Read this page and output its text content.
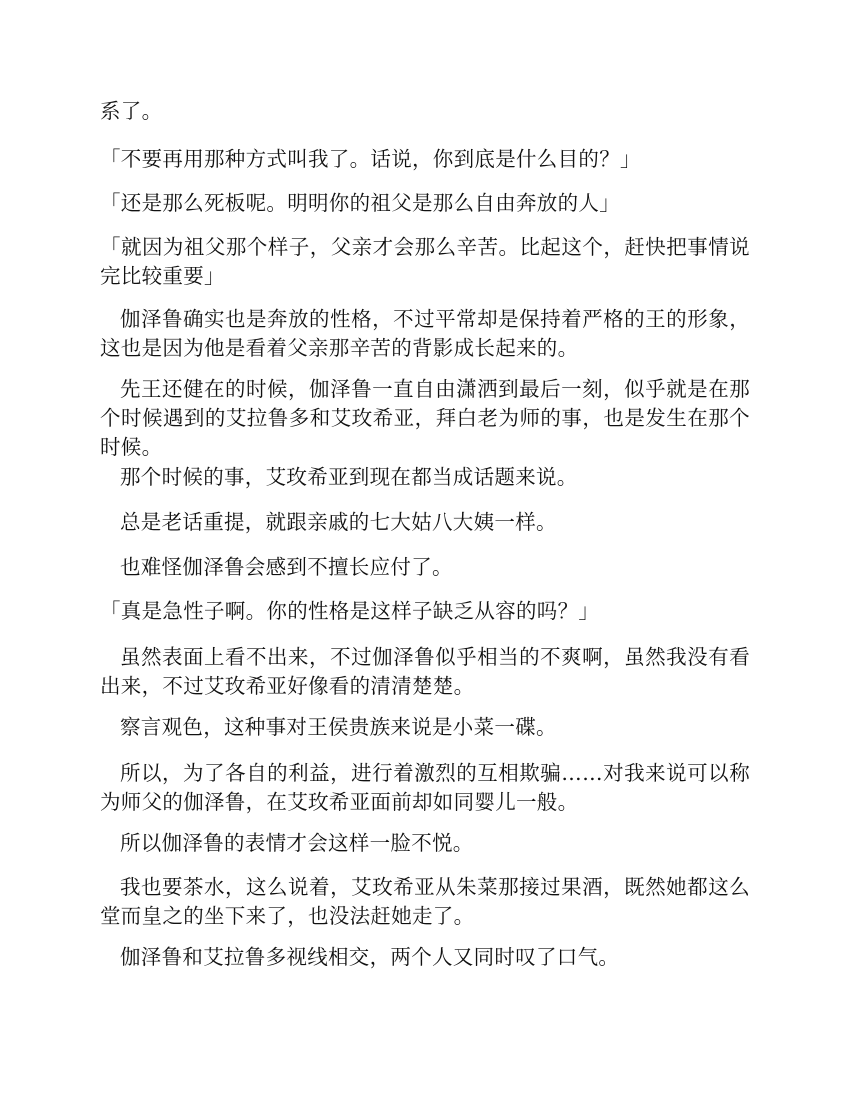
系了。

「不要再用那种方式叫我了。话说，你到底是什么目的？」

「还是那么死板呢。明明你的祖父是那么自由奔放的人」

「就因为祖父那个样子，父亲才会那么辛苦。比起这个，赶快把事情说完比较重要」

伽泽鲁确实也是奔放的性格，不过平常却是保持着严格的王的形象，这也是因为他是看着父亲那辛苦的背影成长起来的。

先王还健在的时候，伽泽鲁一直自由潇洒到最后一刻，似乎就是在那个时候遇到的艾拉鲁多和艾玫希亚，拜白老为师的事，也是发生在那个时候。

那个时候的事，艾玫希亚到现在都当成话题来说。

总是老话重提，就跟亲戚的七大姑八大姨一样。

也难怪伽泽鲁会感到不擅长应付了。

「真是急性子啊。你的性格是这样子缺乏从容的吗？」

虽然表面上看不出来，不过伽泽鲁似乎相当的不爽啊，虽然我没有看出来，不过艾玫希亚好像看的清清楚楚。

察言观色，这种事对王侯贵族来说是小菜一碟。

所以，为了各自的利益，进行着激烈的互相欺骗……对我来说可以称为师父的伽泽鲁，在艾玫希亚面前却如同婴儿一般。

所以伽泽鲁的表情才会这样一脸不悦。

我也要茶水，这么说着，艾玫希亚从朱菜那接过果酒，既然她都这么堂而皇之的坐下来了，也没法赶她走了。

伽泽鲁和艾拉鲁多视线相交，两个人又同时叹了口气。
